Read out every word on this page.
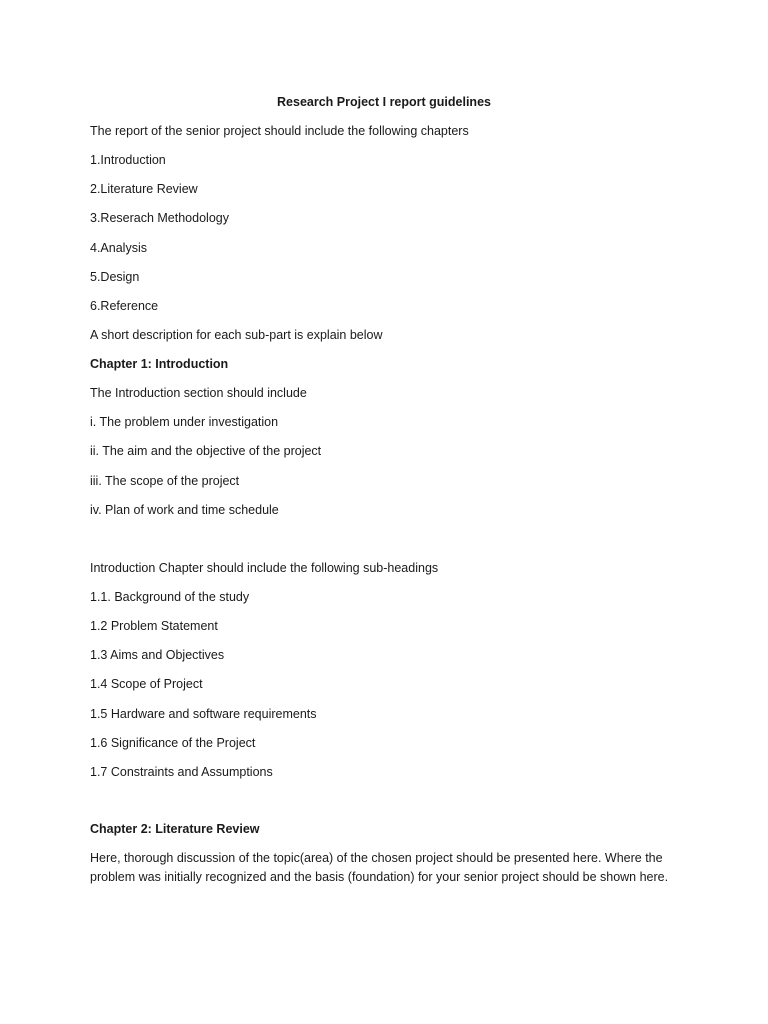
Research Project I report guidelines

The report of the senior project should include the following chapters

1.Introduction

2.Literature Review

3.Reserach Methodology

4.Analysis

5.Design

6.Reference

A short description for each sub-part is explain below

Chapter 1: Introduction

The Introduction section should include

i. The problem under investigation

ii. The aim and the objective of the project

iii. The scope of the project

iv. Plan of work and time schedule

Introduction Chapter should include the following sub-headings

1.1. Background of the study

1.2 Problem Statement

1.3 Aims and Objectives

1.4 Scope of Project

1.5 Hardware and software requirements

1.6 Significance of the Project

1.7 Constraints and Assumptions

Chapter 2: Literature Review

Here, thorough discussion of the topic(area) of the chosen project should be presented here. Where the problem was initially recognized and the basis (foundation) for your senior project should be shown here.
